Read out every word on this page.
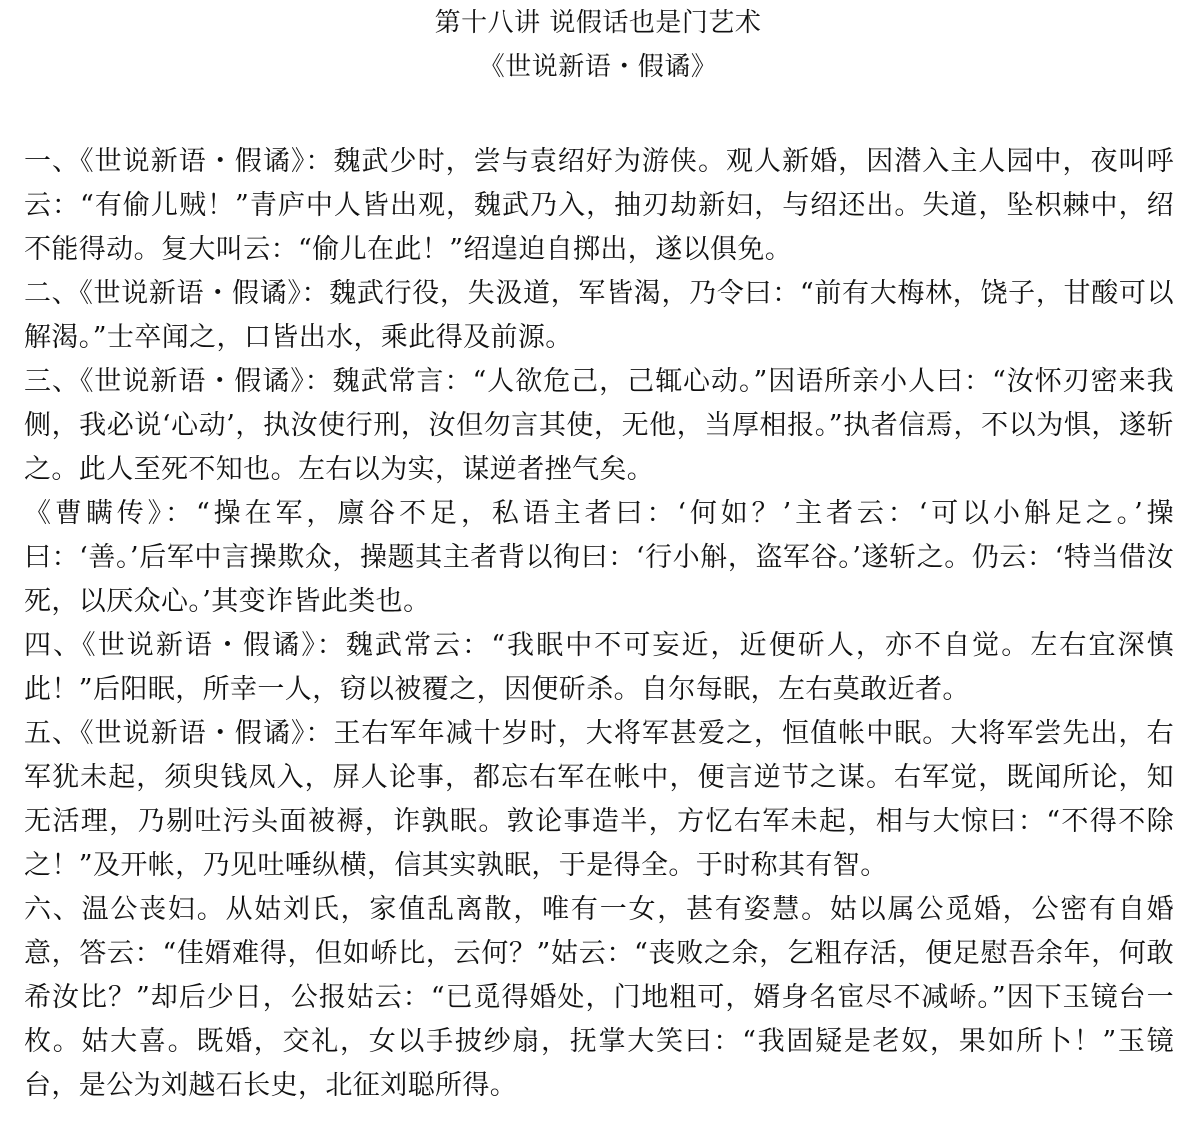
第十八讲 说假话也是门艺术
《世说新语・假谲》

一、《世说新语・假谲》：魏武少时，尝与袁绍好为游侠。观人新婚，因潜入主人园中，夜叫呼云：“有偷儿贼！”青庐中人皆出观，魏武乃入，抽刃劫新妇，与绍还出。失道，坠枳棘中，绍不能得动。复大叫云：“偷儿在此！”绍遑迫自掷出，遂以俱免。

二、《世说新语・假谲》：魏武行役，失汲道，军皆渴，乃令曰：“前有大梅林，饶子，甘酸可以解渴。”士卒闻之，口皆出水，乘此得及前源。

三、《世说新语・假谲》：魏武常言：“人欲危己，己辄心动。”因语所亲小人曰：“汝怀刃密来我侧，我必说‘心动’，执汝使行刑，汝但勿言其使，无他，当厚相报。”执者信焉，不以为惧，遂斩之。此人至死不知也。左右以为实，谋逆者挫气矣。

《曹瞒传》：“操在军，廪谷不足，私语主者曰：‘何如？’主者云：‘可以小斛足之。’操曰：‘善。’后军中言操欺众，操题其主者背以徇曰：‘行小斛，盗军谷。’遂斩之。仍云：‘特当借汝死，以厌众心。’其变诈皆此类也。

四、《世说新语・假谲》：魏武常云：“我眠中不可妄近，近便斫人，亦不自觉。左右宜深慎此！”后阳眠，所幸一人，窃以被覆之，因便斫杀。自尔每眠，左右莫敢近者。

五、《世说新语・假谲》：王右军年减十岁时，大将军甚爱之，恒值帐中眠。大将军尝先出，右军犹未起，须臾钱凤入，屏人论事，都忘右军在帐中，便言逆节之谋。右军觉，既闻所论，知无活理，乃剔吐污头面被褥，诈孰眠。敦论事造半，方忆右军未起，相与大惊曰：“不得不除之！”及开帐，乃见吐唾纵横，信其实孰眠，于是得全。于时称其有智。

六、温公丧妇。从姑刘氏，家值乱离散，唯有一女，甚有姿慧。姑以属公觅婚，公密有自婚意，答云：“佳婿难得，但如峤比，云何？”姑云：“丧败之余，乞粗存活，便足慰吾余年，何敢希汝比？”却后少日，公报姑云：“已觅得婚处，门地粗可，婿身名宦尽不减峤。”因下玉镜台一枚。姑大喜。既婚，交礼，女以手披纱扇，抚掌大笑曰：“我固疑是老奴，果如所卜！”玉镜台，是公为刘越石长史，北征刘聪所得。
